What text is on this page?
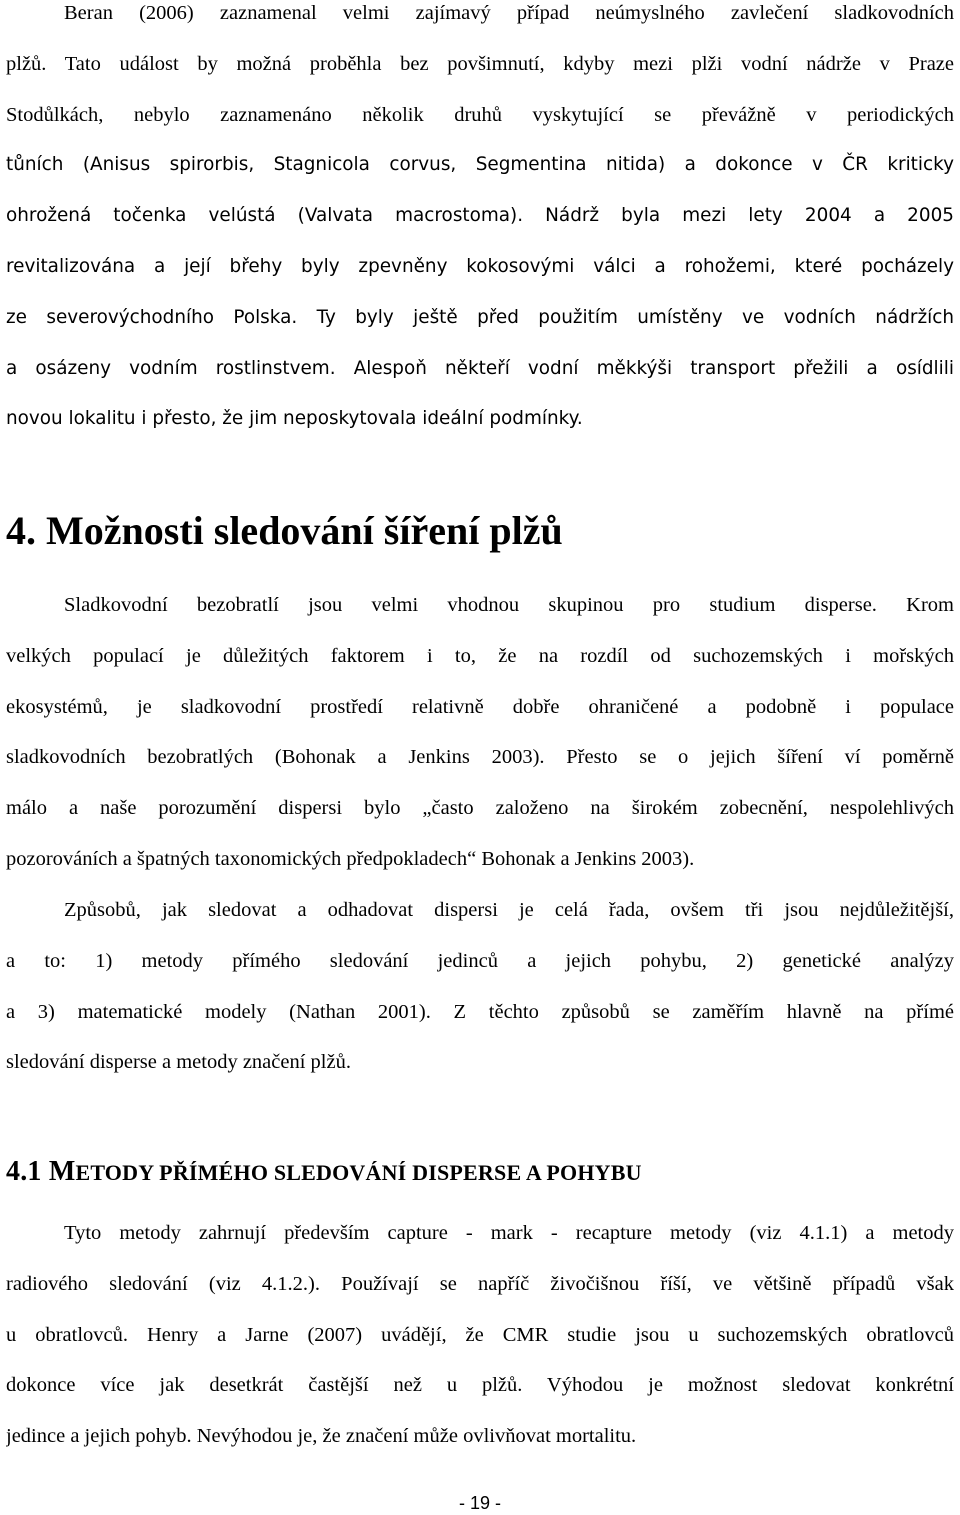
Beran (2006) zaznamenal velmi zajímavý případ neúmyslného zavlečení sladkovodních
plžů. Tato událost by možná proběhla bez povšimnutí, kdyby mezi plži vodní nádrže v Praze
Stodůlkách, nebylo zaznamenáno několik druhů vyskytující se převážně v periodických
tůních (Anisus spirorbis, Stagnicola corvus, Segmentina nitida) a dokonce v ČR kriticky
ohrožená točenka velústá (Valvata macrostoma). Nádrž byla mezi lety 2004 a 2005
revitalizována a její břehy byly zpevněny kokosovými válci a rohožemi, které pocházely
ze severovýchodního Polska. Ty byly ještě před použitím umístěny ve vodních nádržích
a osázeny vodním rostlinstvem. Alespoň někteří vodní měkkýši transport přežili a osídlili
novou lokalitu i přesto, že jim neposkytovala ideální podmínky.
4. Možnosti sledování šíření plžů
Sladkovodní bezobratlí jsou velmi vhodnou skupinou pro studium disperse. Krom
velkých populací je důležitých faktorem i to, že na rozdíl od suchozemských i mořských
ekosystémů, je sladkovodní prostředí relativně dobře ohraničené a podobně i populace
sladkovodních bezobratlých (Bohonak a Jenkins 2003). Přesto se o jejich šíření ví poměrně
málo a naše porozumění dispersi bylo „často založeno na širokém zobecnění, nespolehlivých
pozorováních a špatných taxonomických předpokladech“ Bohonak a Jenkins 2003).
Způsobů, jak sledovat a odhadovat dispersi je celá řada, ovšem tři jsou nejdůležitější,
a to: 1) metody přímého sledování jedinců a jejich pohybu, 2) genetické analýzy
a 3) matematické modely (Nathan 2001). Z těchto způsobů se zaměřím hlavně na přímé
sledování disperse a metody značení plžů.
4.1 METODY PŘÍMÉHO SLEDOVÁNÍ DISPERSE A POHYBU
Tyto metody zahrnují především capture - mark - recapture metody (viz 4.1.1) a metody
radiového sledování (viz 4.1.2.). Používají se napříč živočišnou říší, ve většině případů však
u obratlovců. Henry a Jarne (2007) uvádějí, že CMR studie jsou u suchozemských obratlovců
dokonce více jak desetkrát častější než u plžů. Výhodou je možnost sledovat konkrétní
jedince a jejich pohyb. Nevýhodou je, že značení může ovlivňovat mortalitu.
- 19 -
